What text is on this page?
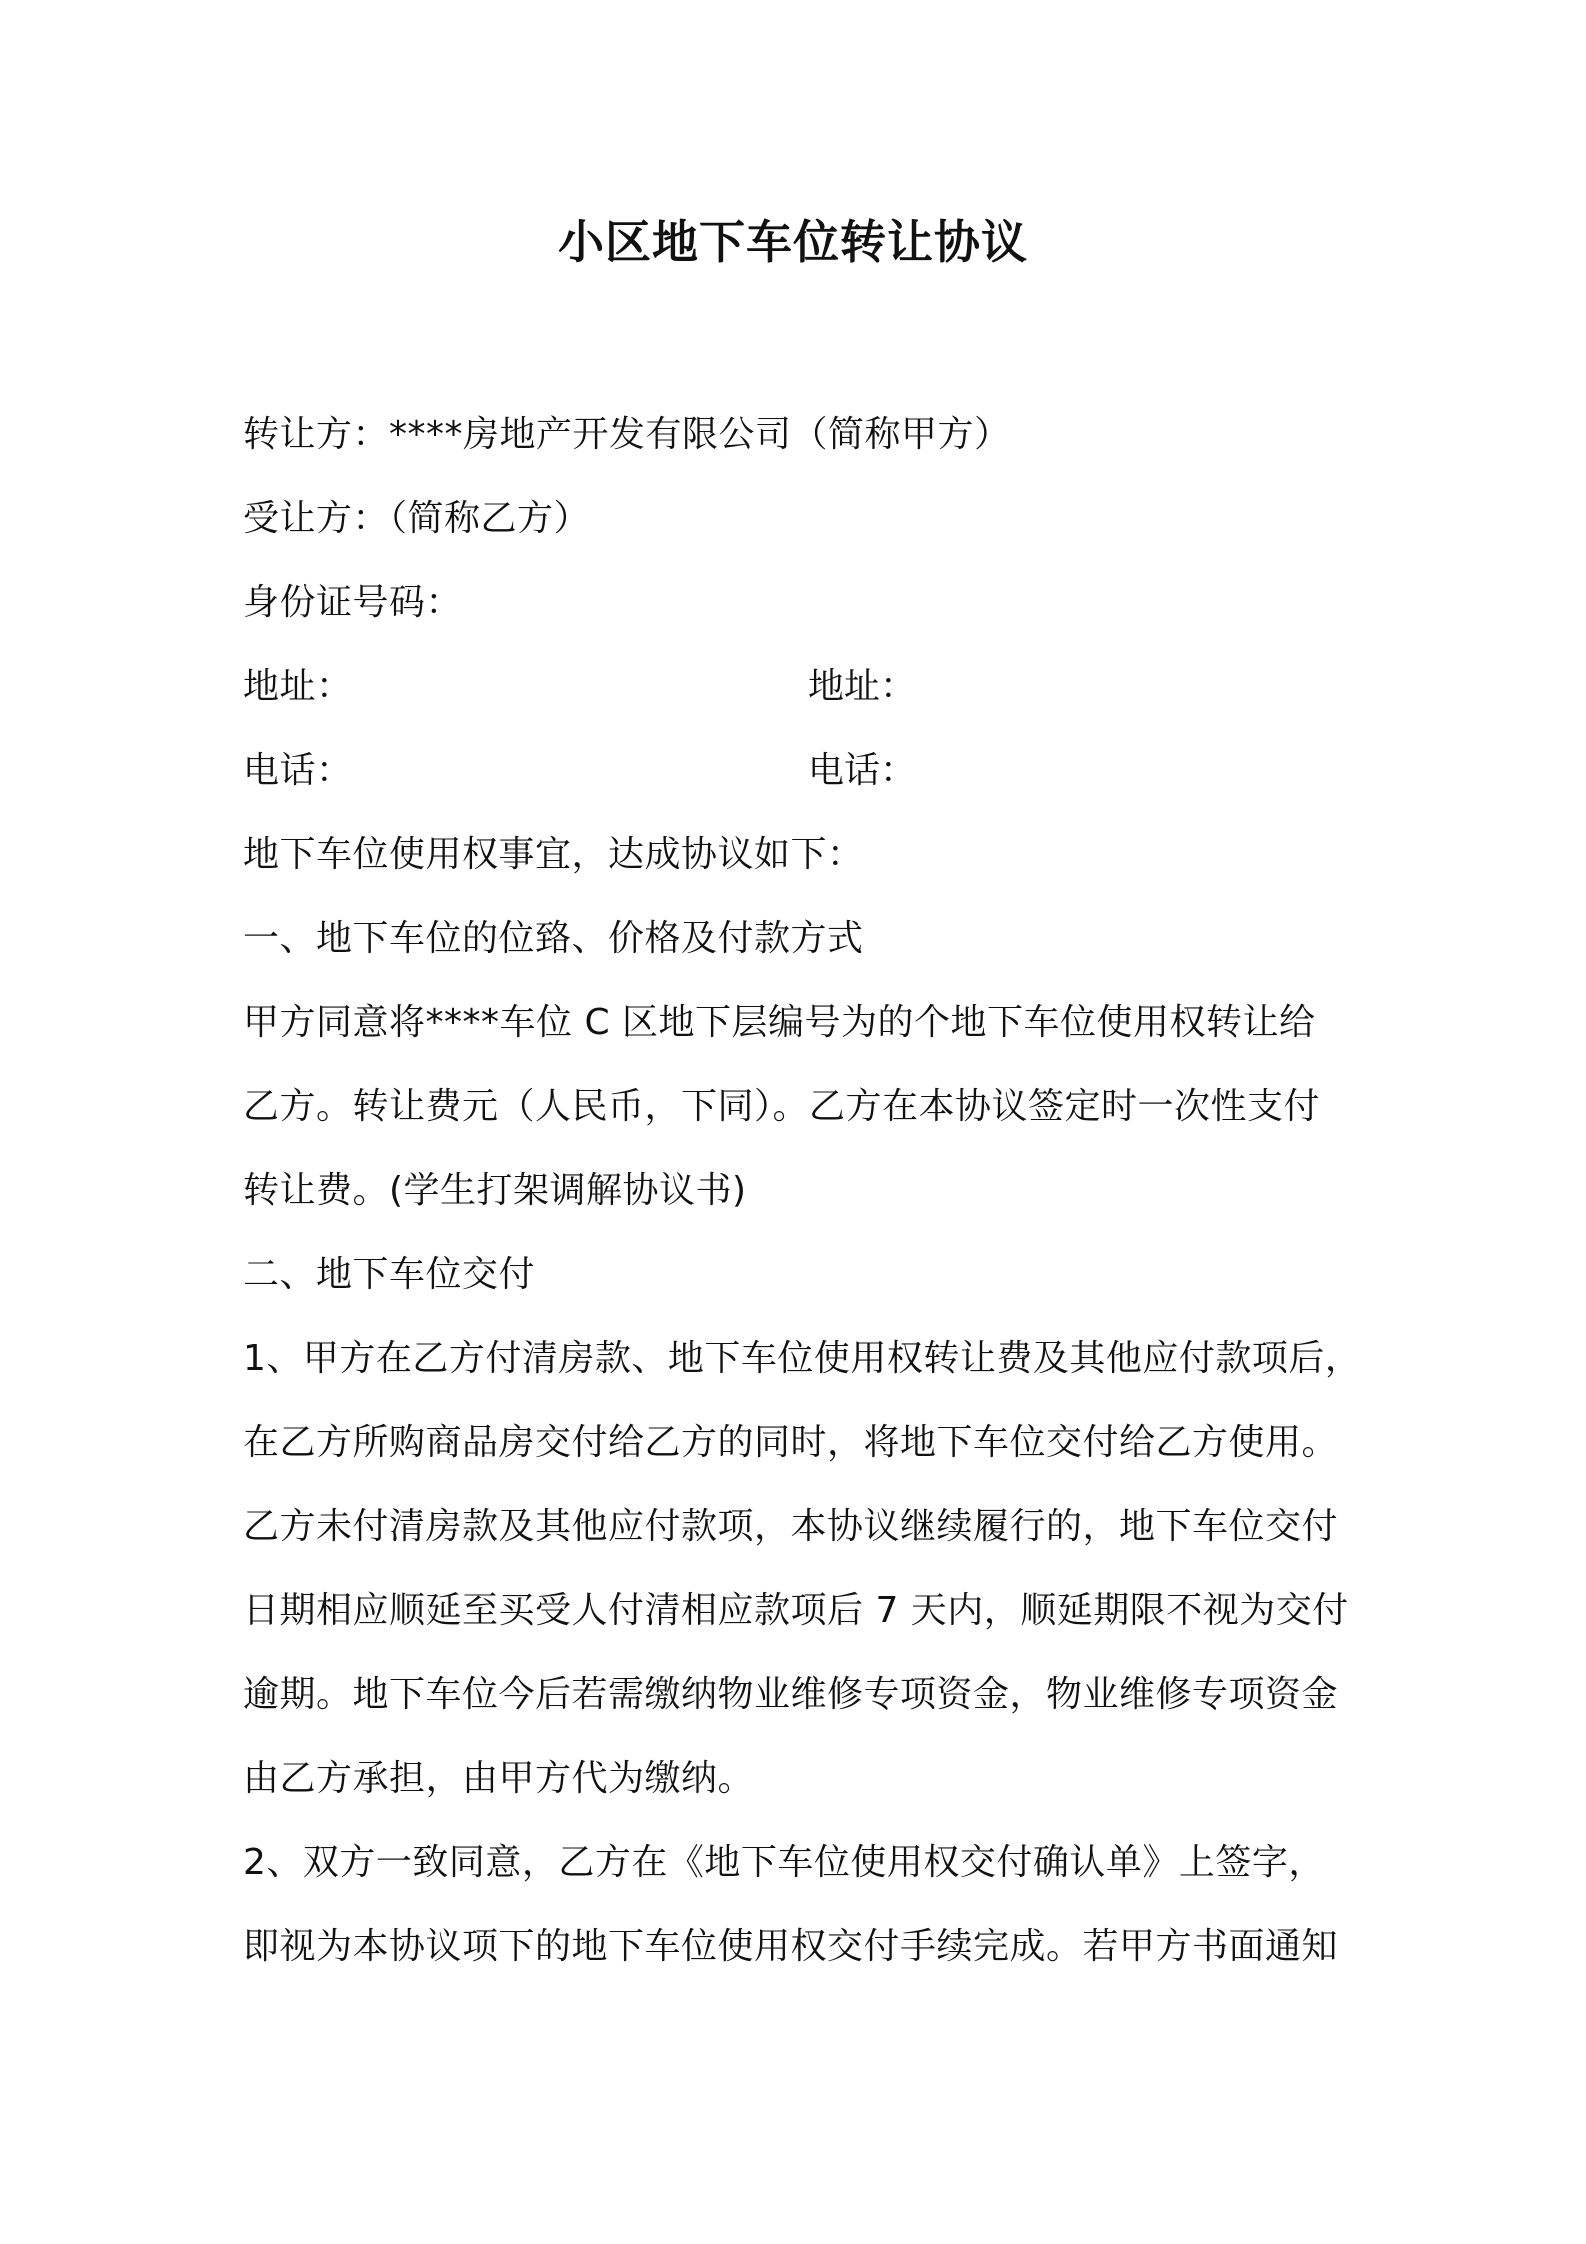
小区地下车位转让协议
转让方：****房地产开发有限公司（简称甲方）
受让方：（简称乙方）
身份证号码：
地址：	地址：
电话：	电话：
地下车位使用权事宜，达成协议如下：
一、地下车位的位臵、价格及付款方式
甲方同意将****车位 C 区地下层编号为的个地下车位使用权转让给
乙方。转让费元（人民币，下同）。乙方在本协议签定时一次性支付
转让费。(学生打架调解协议书)
二、地下车位交付
1、甲方在乙方付清房款、地下车位使用权转让费及其他应付款项后，
在乙方所购商品房交付给乙方的同时，将地下车位交付给乙方使用。
乙方未付清房款及其他应付款项，本协议继续履行的，地下车位交付
日期相应顺延至买受人付清相应款项后 7 天内，顺延期限不视为交付
逾期。地下车位今后若需缴纳物业维修专项资金，物业维修专项资金
由乙方承担，由甲方代为缴纳。
2、双方一致同意，乙方在《地下车位使用权交付确认单》上签字，
即视为本协议项下的地下车位使用权交付手续完成。若甲方书面通知
